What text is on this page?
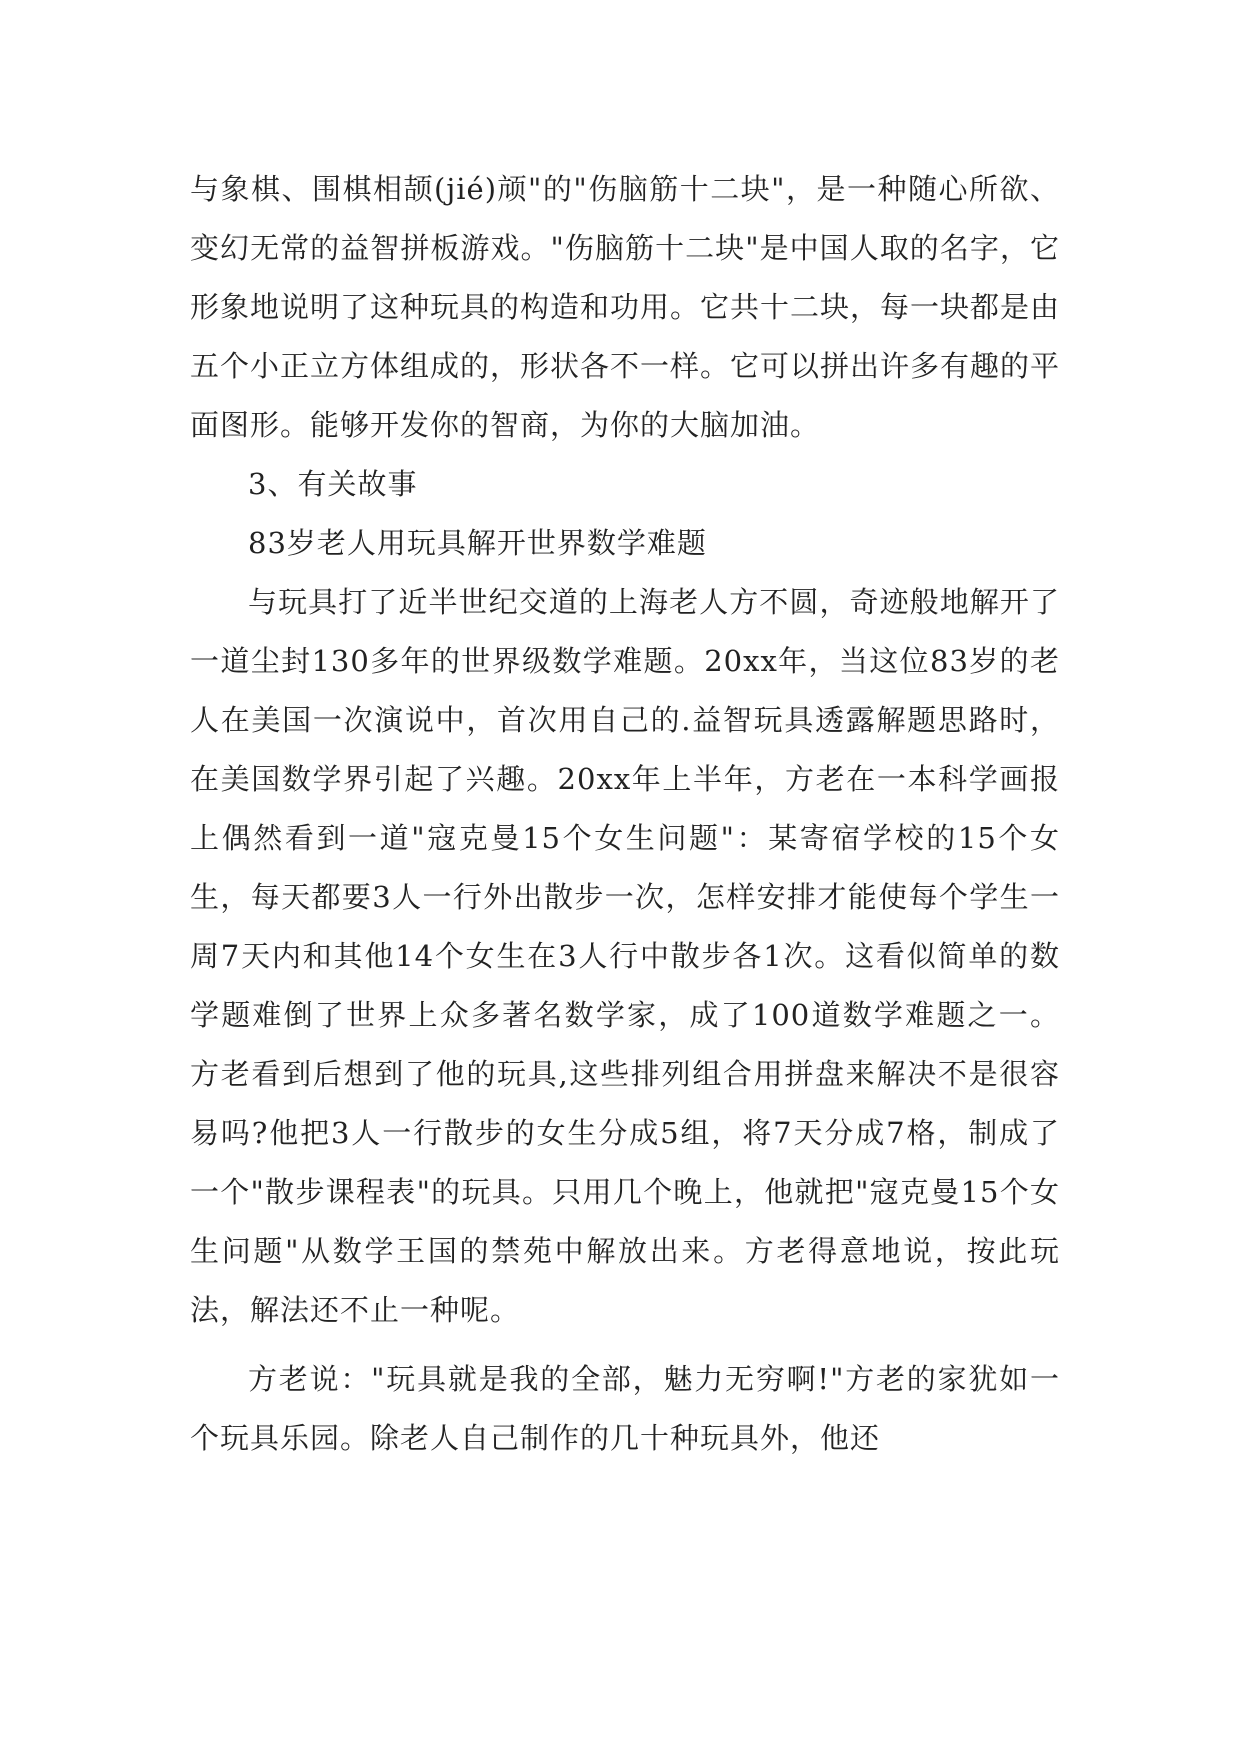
与象棋、围棋相颉(jié)颃"的"伤脑筋十二块"，是一种随心所欲、变幻无常的益智拼板游戏。"伤脑筋十二块"是中国人取的名字，它形象地说明了这种玩具的构造和功用。它共十二块，每一块都是由五个小正立方体组成的，形状各不一样。它可以拼出许多有趣的平面图形。能够开发你的智商，为你的大脑加油。

3、有关故事

83岁老人用玩具解开世界数学难题

与玩具打了近半世纪交道的上海老人方不圆，奇迹般地解开了一道尘封130多年的世界级数学难题。20xx年，当这位83岁的老人在美国一次演说中，首次用自己的.益智玩具透露解题思路时，在美国数学界引起了兴趣。20xx年上半年，方老在一本科学画报上偶然看到一道"寇克曼15个女生问题"：某寄宿学校的15个女生，每天都要3人一行外出散步一次，怎样安排才能使每个学生一周7天内和其他14个女生在3人行中散步各1次。这看似简单的数学题难倒了世界上众多著名数学家，成了100道数学难题之一。 方老看到后想到了他的玩具,这些排列组合用拼盘来解决不是很容易吗?他把3人一行散步的女生分成5组，将7天分成7格，制成了一个"散步课程表"的玩具。只用几个晚上，他就把"寇克曼15个女生问题"从数学王国的禁苑中解放出来。方老得意地说，按此玩法，解法还不止一种呢。

方老说："玩具就是我的全部，魅力无穷啊!"方老的家犹如一个玩具乐园。除老人自己制作的几十种玩具外，他还
